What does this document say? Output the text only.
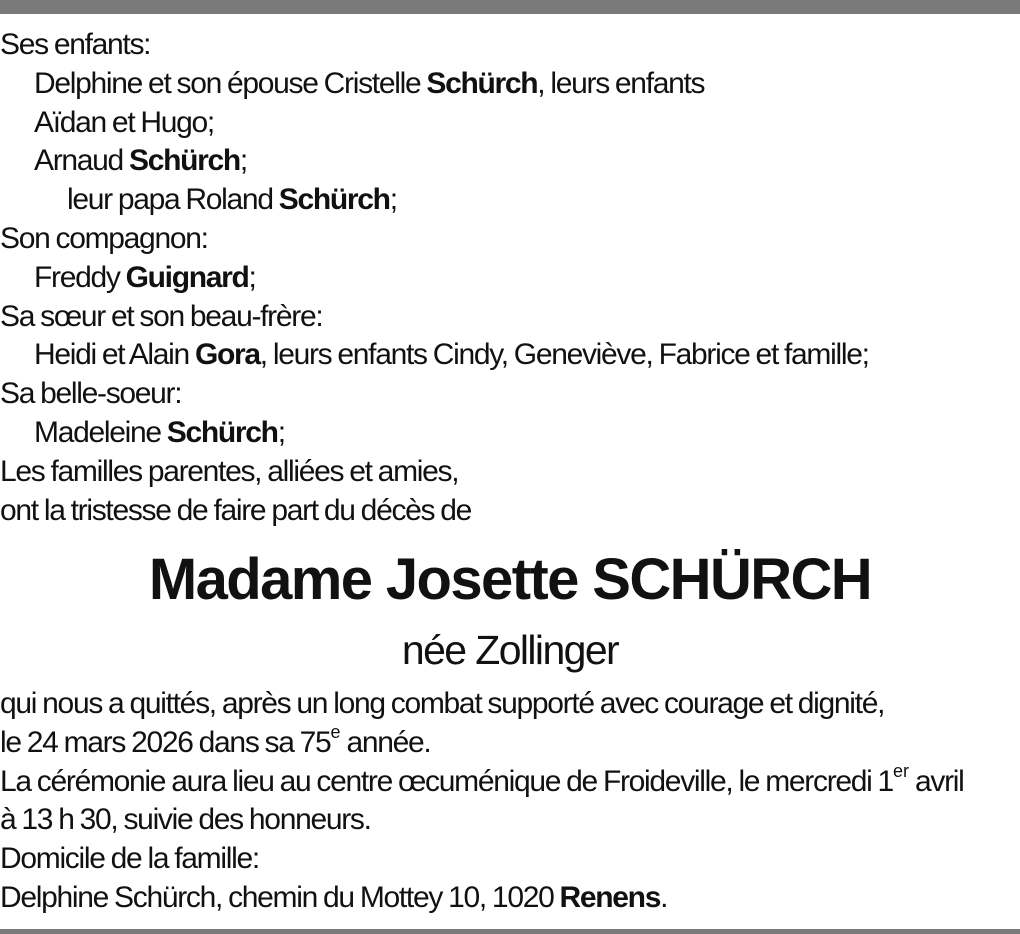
Ses enfants:
Delphine et son épouse Cristelle Schürch, leurs enfants
Aïdan et Hugo;
Arnaud Schürch;
leur papa Roland Schürch;
Son compagnon:
Freddy Guignard;
Sa sœur et son beau-frère:
Heidi et Alain Gora, leurs enfants Cindy, Geneviève, Fabrice et famille;
Sa belle-soeur:
Madeleine Schürch;
Les familles parentes, alliées et amies,
ont la tristesse de faire part du décès de
Madame Josette SCHÜRCH
née Zollinger
qui nous a quittés, après un long combat supporté avec courage et dignité,
le 24 mars 2026 dans sa 75e année.
La cérémonie aura lieu au centre œcuménique de Froideville, le mercredi 1er avril
à 13 h 30, suivie des honneurs.
Domicile de la famille:
Delphine Schürch, chemin du Mottey 10, 1020 Renens.
